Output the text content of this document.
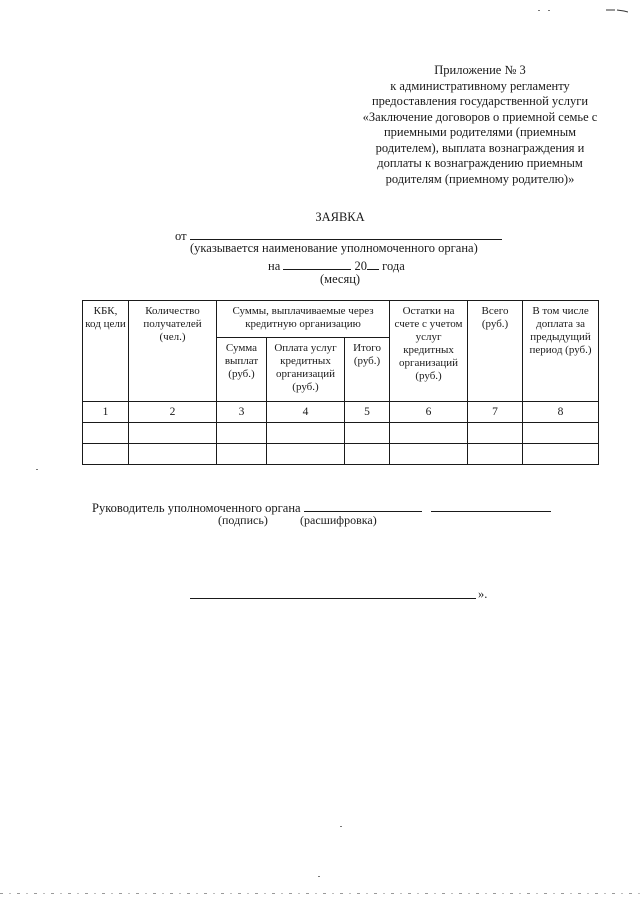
Приложение № 3
к административному регламенту
предоставления государственной услуги
«Заключение договоров о приемной семье с
приемными родителями (приемным
родителем), выплата вознаграждения и
доплаты к вознаграждению приемным
родителям (приемному родителю)»
ЗАЯВКА
от
(указывается наименование уполномоченного органа)
на	20 года
(месяц)
КБК, код цели	Количество получателей (чел.)	Суммы, выплачиваемые через кредитную организацию			Остатки на счете с учетом услуг кредитных организаций (руб.)	Всего (руб.)	В том числе доплата за предыдущий период (руб.)
		Сумма выплат (руб.)	Оплата услуг кредитных организаций (руб.)	Итого (руб.)			
1	2	3	4	5	6	7	8

Руководитель уполномоченного органа
(подпись)	(расшифровка)
».
